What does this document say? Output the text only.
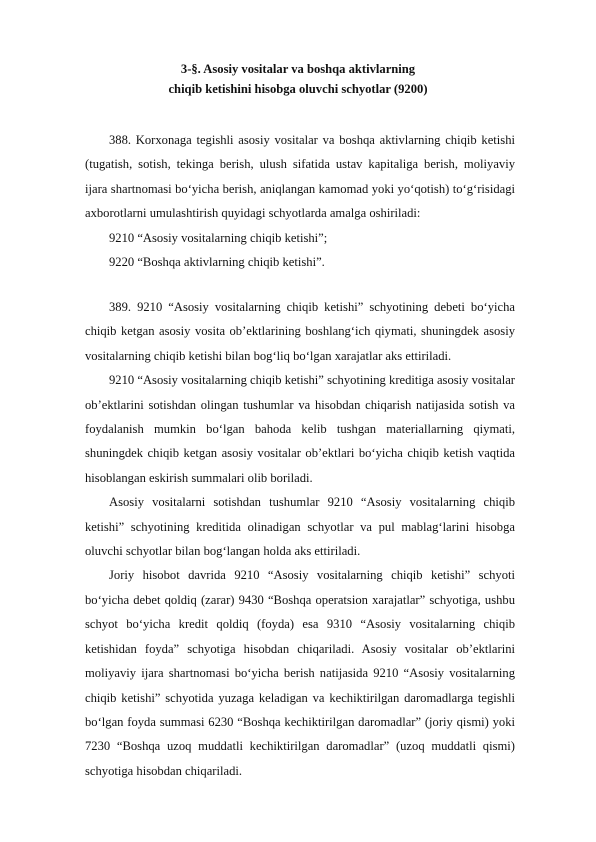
3-§. Asosiy vositalar va boshqa aktivlarning
chiqib ketishini hisobga oluvchi schyotlar (9200)

388. Korxonaga tegishli asosiy vositalar va boshqa aktivlarning chiqib ketishi (tugatish, sotish, tekinga berish, ulush sifatida ustav kapitaliga berish, moliyaviy ijara shartnomasi bo‘yicha berish, aniqlangan kamomad yoki yo‘qotish) to‘g‘risidagi axborotlarni umulashtirish quyidagi schyotlarda amalga oshiriladi:

9210 “Asosiy vositalarning chiqib ketishi”;

9220 “Boshqa aktivlarning chiqib ketishi”.

389. 9210 “Asosiy vositalarning chiqib ketishi” schyotining debeti bo‘yicha chiqib ketgan asosiy vosita ob’ektlarining boshlang‘ich qiymati, shuningdek asosiy vositalarning chiqib ketishi bilan bog‘liq bo‘lgan xarajatlar aks ettiriladi.

9210 “Asosiy vositalarning chiqib ketishi” schyotining kreditiga asosiy vositalar ob’ektlarini sotishdan olingan tushumlar va hisobdan chiqarish natijasida sotish va foydalanish mumkin bo‘lgan bahoda kelib tushgan materiallarning qiymati, shuningdek chiqib ketgan asosiy vositalar ob’ektlari bo‘yicha chiqib ketish vaqtida hisoblangan eskirish summalari olib boriladi.

Asosiy vositalarni sotishdan tushumlar 9210 “Asosiy vositalarning chiqib ketishi” schyotining kreditida olinadigan schyotlar va pul mablag‘larini hisobga oluvchi schyotlar bilan bog‘langan holda aks ettiriladi.

Joriy hisobot davrida 9210 “Asosiy vositalarning chiqib ketishi” schyoti bo‘yicha debet qoldiq (zarar) 9430 “Boshqa operatsion xarajatlar” schyotiga, ushbu schyot bo‘yicha kredit qoldiq (foyda) esa 9310 “Asosiy vositalarning chiqib ketishidan foyda” schyotiga hisobdan chiqariladi. Asosiy vositalar ob’ektlarini moliyaviy ijara shartnomasi bo‘yicha berish natijasida 9210 “Asosiy vositalarning chiqib ketishi” schyotida yuzaga keladigan va kechiktirilgan daromadlarga tegishli bo‘lgan foyda summasi 6230 “Boshqa kechiktirilgan daromadlar” (joriy qismi) yoki 7230 “Boshqa uzoq muddatli kechiktirilgan daromadlar” (uzoq muddatli qismi) schyotiga hisobdan chiqariladi.
